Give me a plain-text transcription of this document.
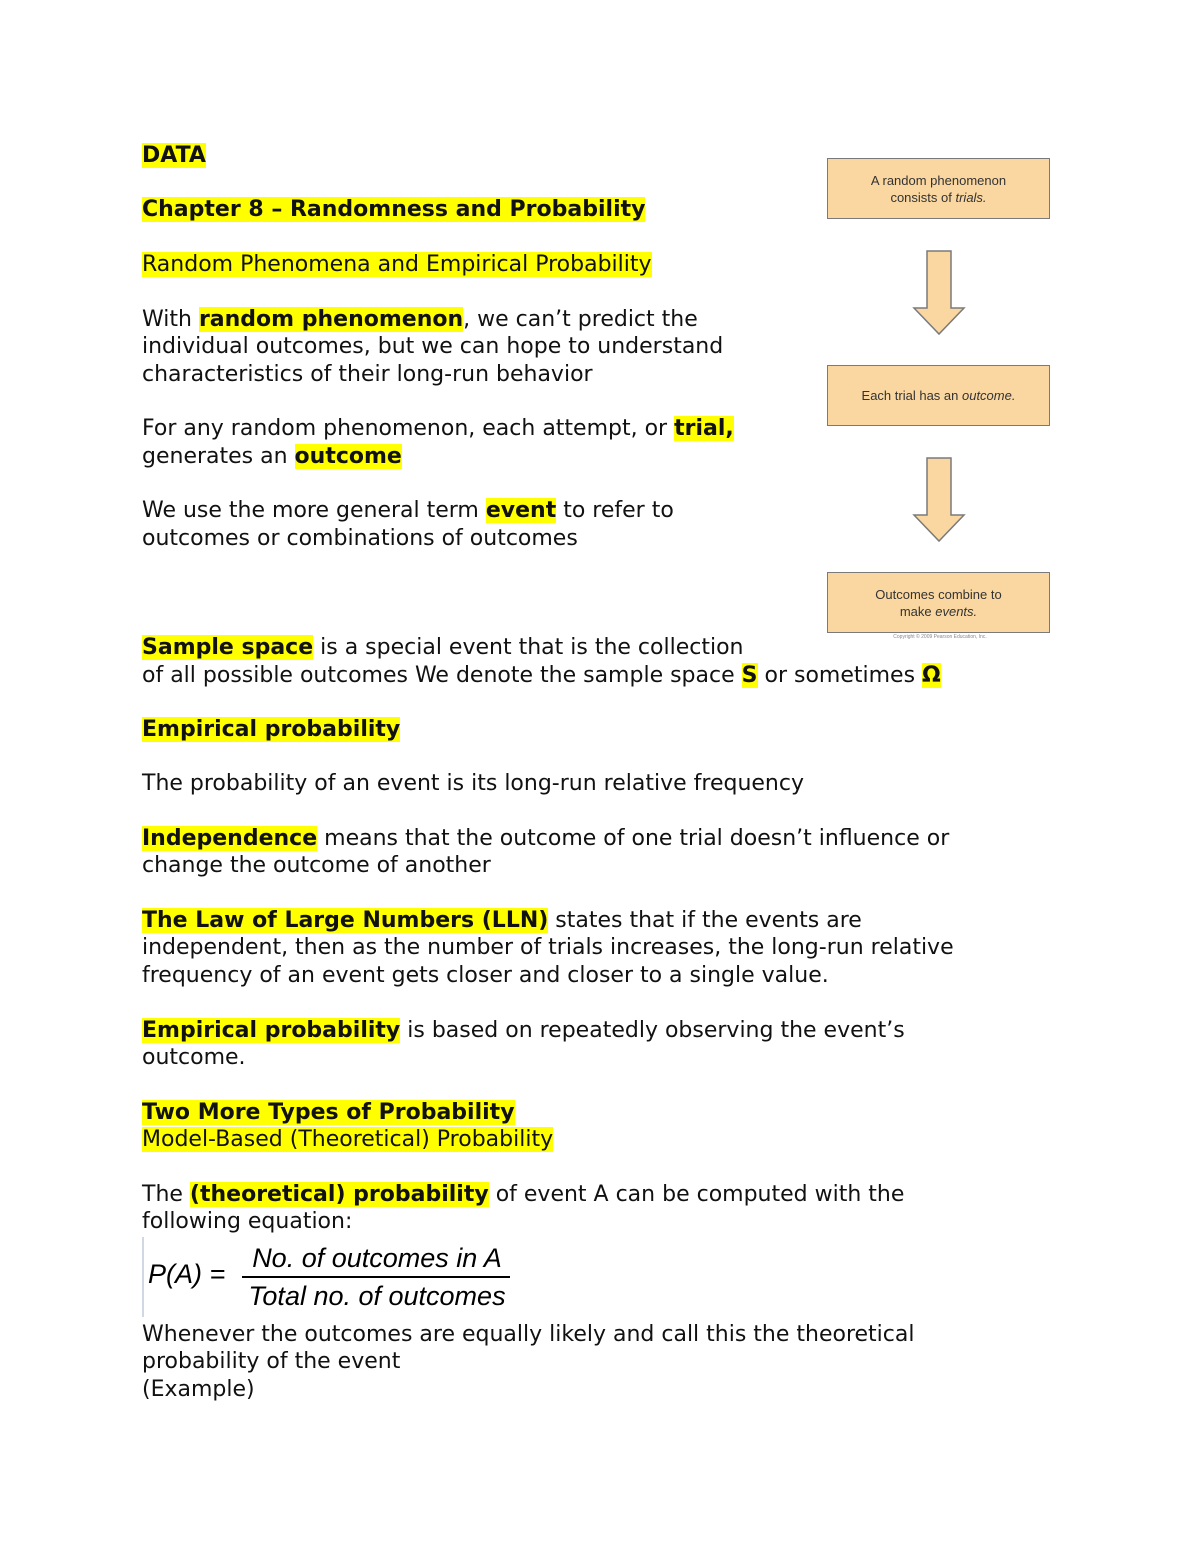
DATA
Chapter 8 – Randomness and Probability
Random Phenomena and Empirical Probability
With random phenomenon, we can’t predict the
individual outcomes, but we can hope to understand
characteristics of their long-run behavior
For any random phenomenon, each attempt, or trial,
generates an outcome
We use the more general term event to refer to
outcomes or combinations of outcomes
Sample space is a special event that is the collection
of all possible outcomes We denote the sample space S or sometimes Ω
Empirical probability
The probability of an event is its long-run relative frequency
Independence means that the outcome of one trial doesn’t influence or
change the outcome of another
The Law of Large Numbers (LLN) states that if the events are
independent, then as the number of trials increases, the long-run relative
frequency of an event gets closer and closer to a single value.
Empirical probability is based on repeatedly observing the event’s
outcome.
Two More Types of Probability
Model-Based (Theoretical) Probability
The (theoretical) probability of event A can be computed with the
following equation:
P(A) =
No. of outcomes in A
Total no. of outcomes
Whenever the outcomes are equally likely and call this the theoretical
probability of the event
(Example)
A random phenomenon
consists of trials.
Each trial has an outcome.
Outcomes combine to
make events.
Copyright © 2009 Pearson Education, Inc.
